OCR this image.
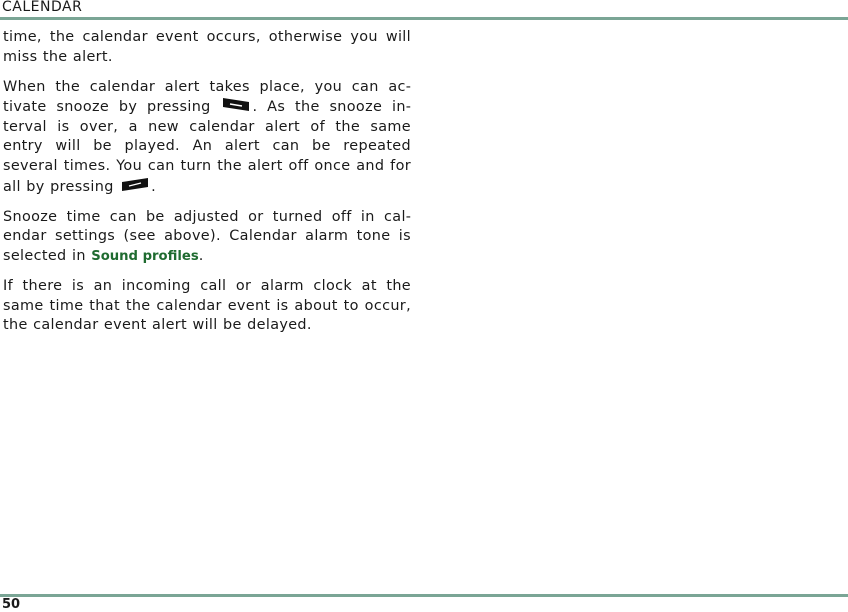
CALENDAR

time, the calendar event occurs, otherwise you will miss the alert.

When the calendar alert takes place, you can activate snooze by pressing
. As the snooze interval is over, a new calendar alert of the same entry will be played. An alert can be repeated several times. You can turn the alert off once and for all by pressing
.

Snooze time can be adjusted or turned off in calendar settings (see above). Calendar alarm tone is selected in Sound profiles.

If there is an incoming call or alarm clock at the same time that the calendar event is about to occur, the calendar event alert will be delayed.

50
